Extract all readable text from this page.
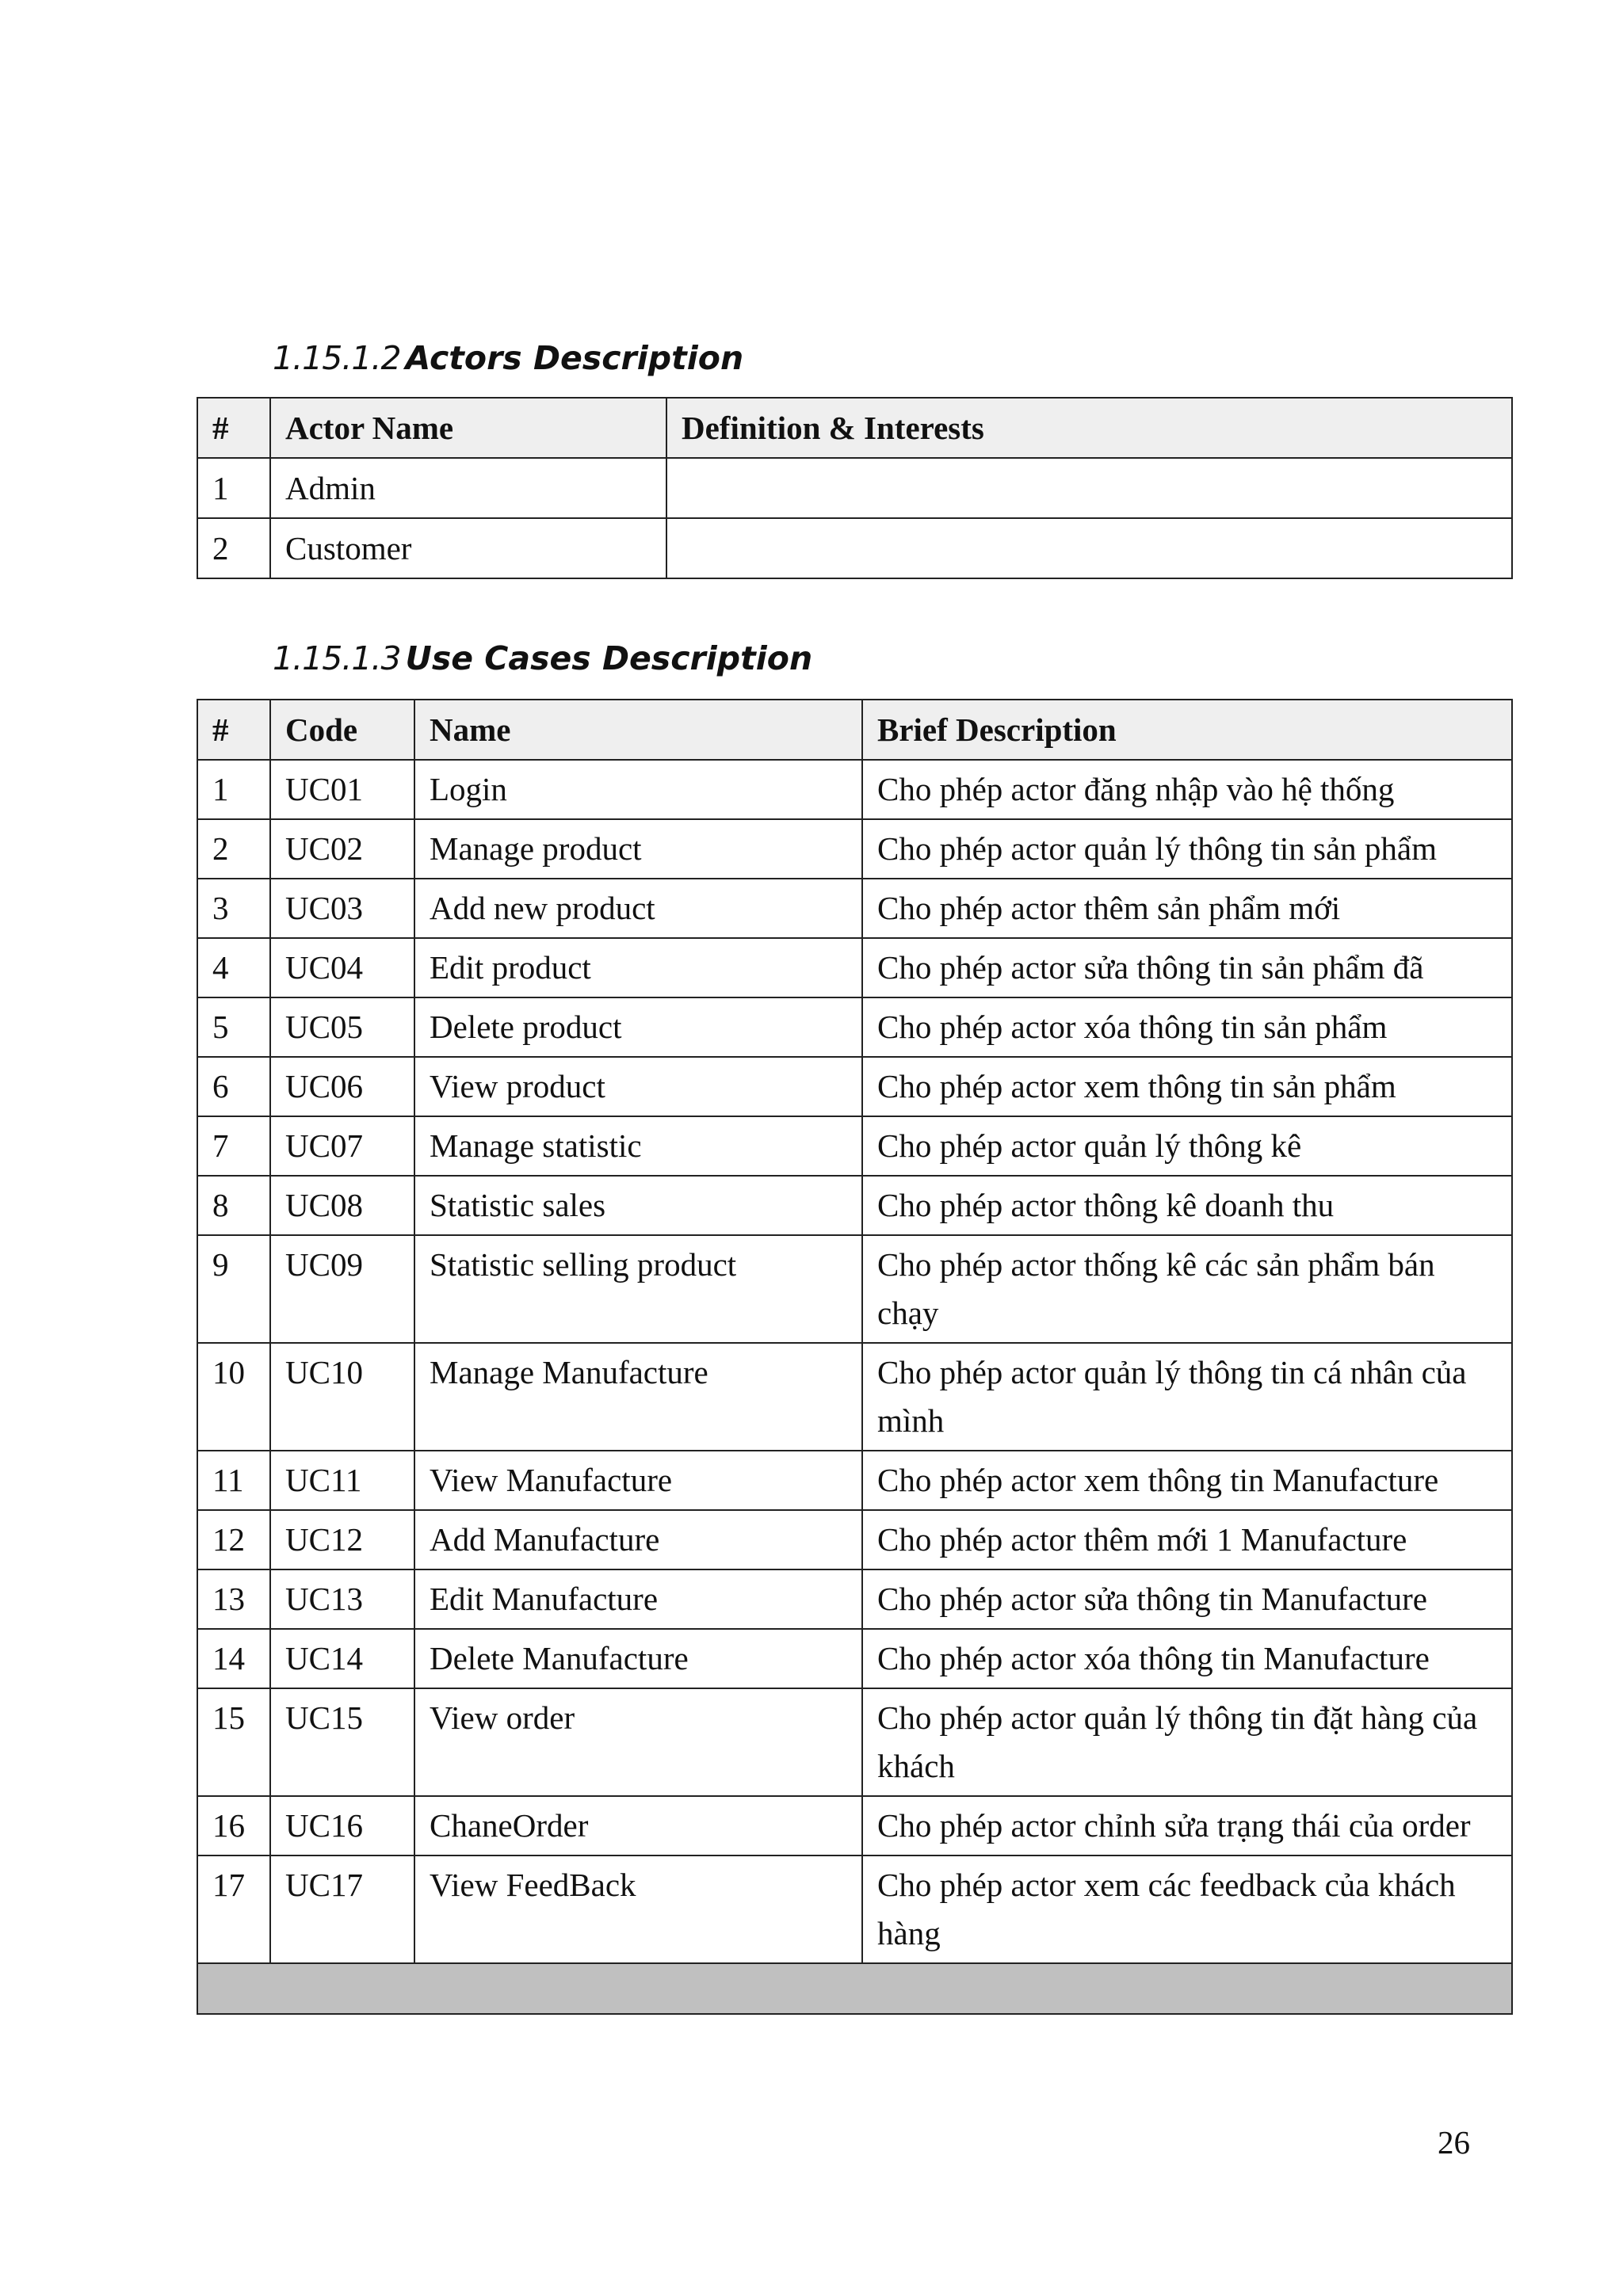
1.15.1.2 Actors Description
#	Actor Name	Definition & Interests
1	Admin	
2	Customer	
1.15.1.3 Use Cases Description
#	Code	Name	Brief Description
1	UC01	Login	Cho phép actor đăng nhập vào hệ thống
2	UC02	Manage product	Cho phép actor quản lý thông tin sản phẩm
3	UC03	Add new product	Cho phép actor thêm sản phẩm mới
4	UC04	Edit product	Cho phép actor sửa thông tin sản phẩm đã
5	UC05	Delete product	Cho phép actor xóa thông tin sản phẩm
6	UC06	View product	Cho phép actor xem thông tin sản phẩm
7	UC07	Manage statistic	Cho phép actor quản lý thông kê
8	UC08	Statistic sales	Cho phép actor thông kê doanh thu
9	UC09	Statistic selling product	Cho phép actor thống kê các sản phẩm bán chạy
10	UC10	Manage Manufacture	Cho phép actor quản lý thông tin cá nhân của mình
11	UC11	View Manufacture	Cho phép actor xem thông tin Manufacture
12	UC12	Add Manufacture	Cho phép actor thêm mới 1 Manufacture
13	UC13	Edit Manufacture	Cho phép actor sửa thông tin Manufacture
14	UC14	Delete Manufacture	Cho phép actor xóa thông tin Manufacture
15	UC15	View order	Cho phép actor quản lý thông tin đặt hàng của khách
16	UC16	ChaneOrder	Cho phép actor chỉnh sửa trạng thái của order
17	UC17	View FeedBack	Cho phép actor xem các feedback của khách hàng

26
